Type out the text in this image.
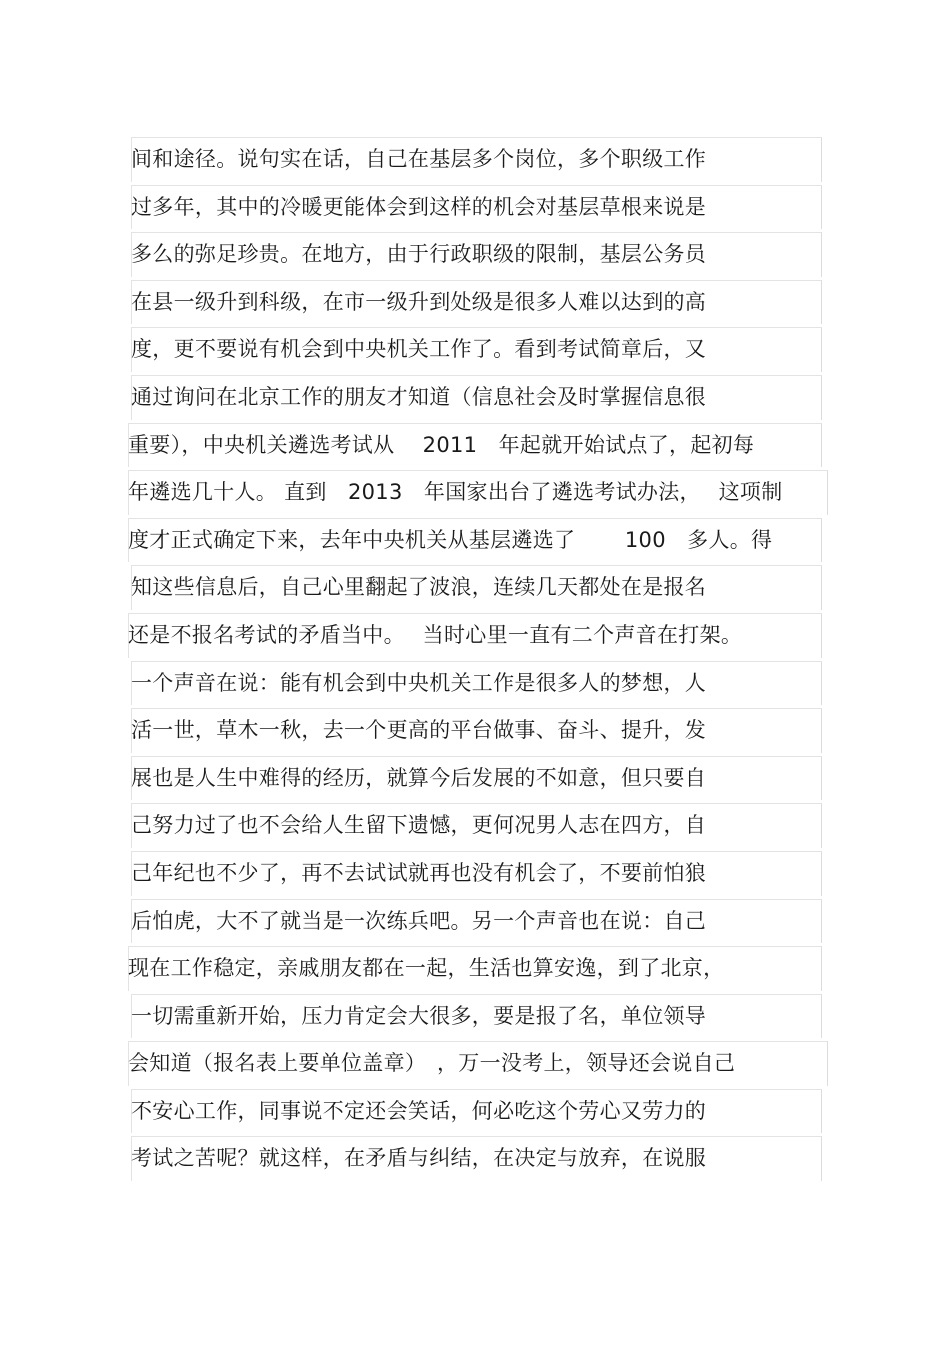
间和途径。说句实在话，自己在基层多个岗位，多个职级工作
过多年，其中的冷暖更能体会到这样的机会对基层草根来说是
多么的弥足珍贵。在地方，由于行政职级的限制，基层公务员
在县一级升到科级，在市一级升到处级是很多人难以达到的高
度，更不要说有机会到中央机关工作了。看到考试简章后，又
通过询问在北京工作的朋友才知道（信息社会及时掌握信息很
重要），中央机关遴选考试从　 2011　年起就开始试点了，起初每
年遴选几十人。 直到　2013　年国家出台了遴选考试办法，　 这项制
度才正式确定下来，去年中央机关从基层遴选了　　 100　多人。得
知这些信息后，自己心里翻起了波浪，连续几天都处在是报名
还是不报名考试的矛盾当中。　 当时心里一直有二个声音在打架。
一个声音在说：能有机会到中央机关工作是很多人的梦想，人
活一世，草木一秋，去一个更高的平台做事、奋斗、提升，发
展也是人生中难得的经历，就算今后发展的不如意，但只要自
己努力过了也不会给人生留下遗憾，更何况男人志在四方，自
己年纪也不少了，再不去试试就再也没有机会了，不要前怕狼
后怕虎，大不了就当是一次练兵吧。另一个声音也在说：自己
现在工作稳定，亲戚朋友都在一起，生活也算安逸，到了北京，
一切需重新开始，压力肯定会大很多，要是报了名，单位领导
会知道（报名表上要单位盖章）　，万一没考上，领导还会说自己
不安心工作，同事说不定还会笑话，何必吃这个劳心又劳力的
考试之苦呢？就这样，在矛盾与纠结，在决定与放弃，在说服
